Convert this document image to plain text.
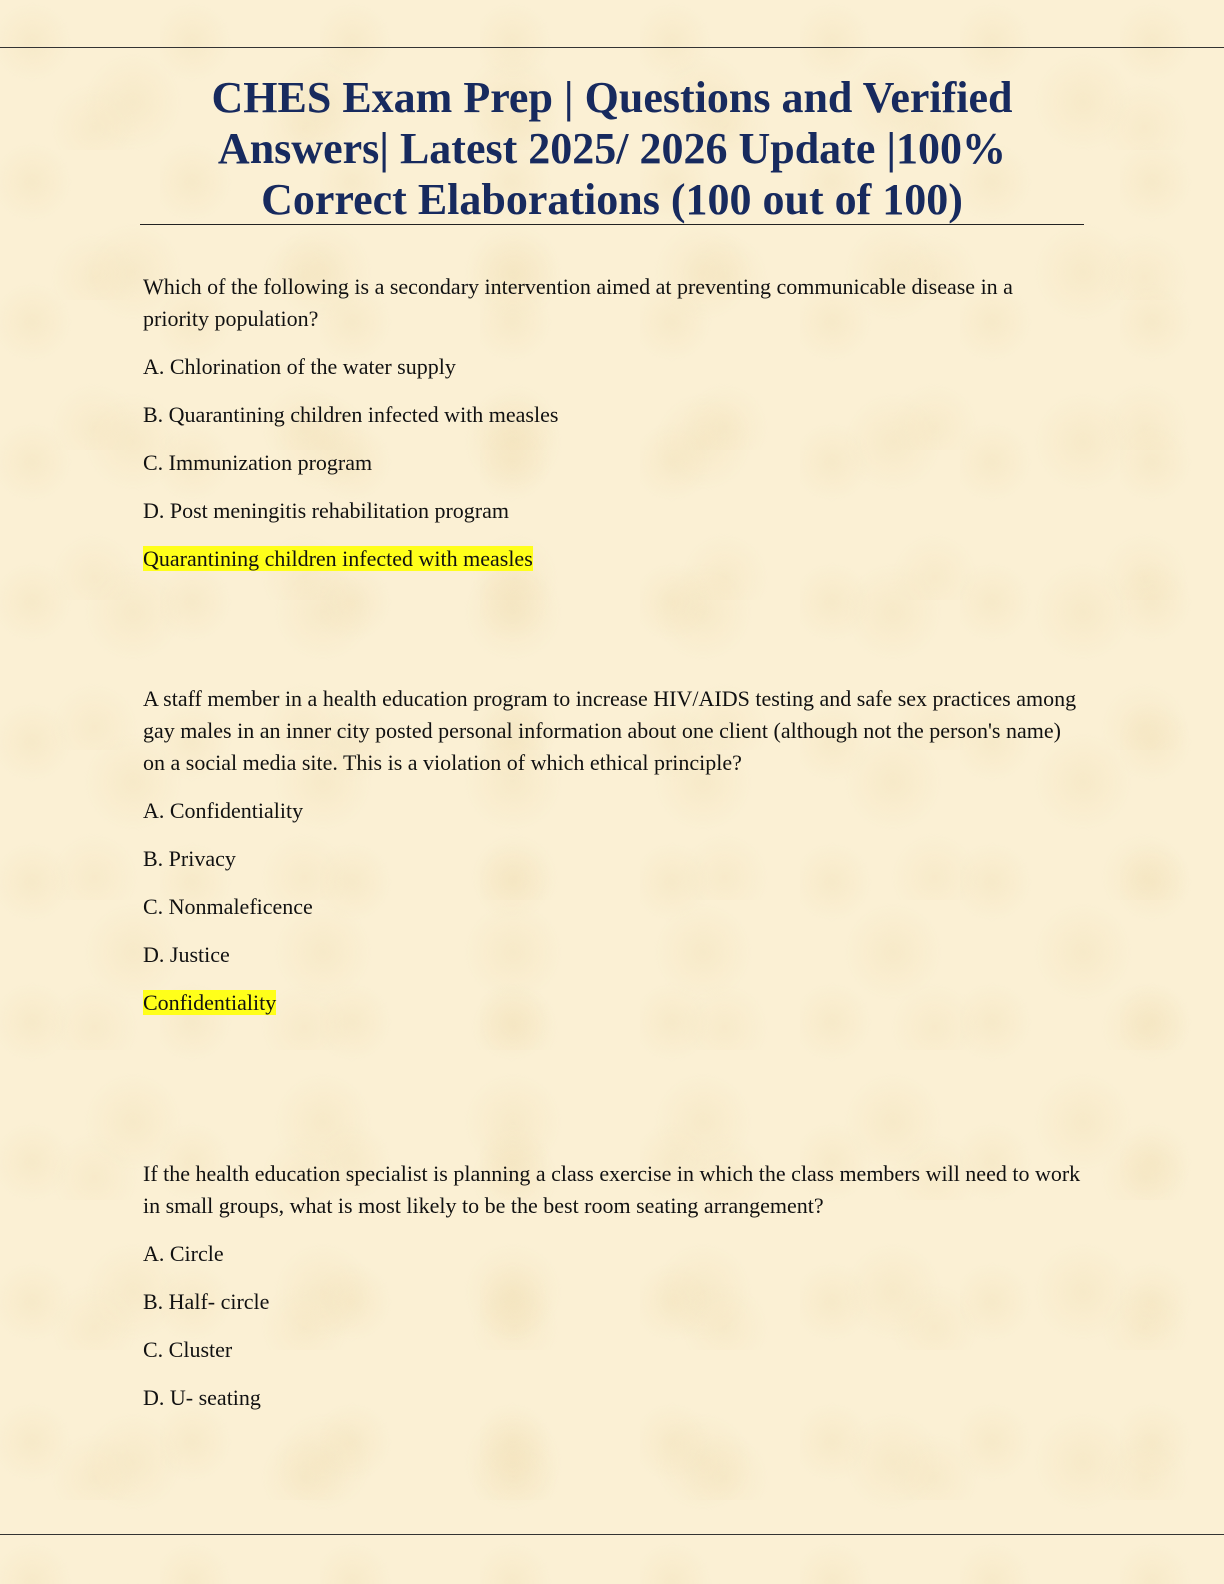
CHES Exam Prep | Questions and Verified Answers| Latest 2025/ 2026 Update |100% Correct Elaborations (100 out of 100)

Which of the following is a secondary intervention aimed at preventing communicable disease in a priority population?

A. Chlorination of the water supply

B. Quarantining children infected with measles

C. Immunization program

D. Post meningitis rehabilitation program

Quarantining children infected with measles

A staff member in a health education program to increase HIV/AIDS testing and safe sex practices among gay males in an inner city posted personal information about one client (although not the person's name) on a social media site. This is a violation of which ethical principle?

A. Confidentiality

B. Privacy

C. Nonmaleficence

D. Justice

Confidentiality

If the health education specialist is planning a class exercise in which the class members will need to work in small groups, what is most likely to be the best room seating arrangement?

A. Circle

B. Half- circle

C. Cluster

D. U- seating
